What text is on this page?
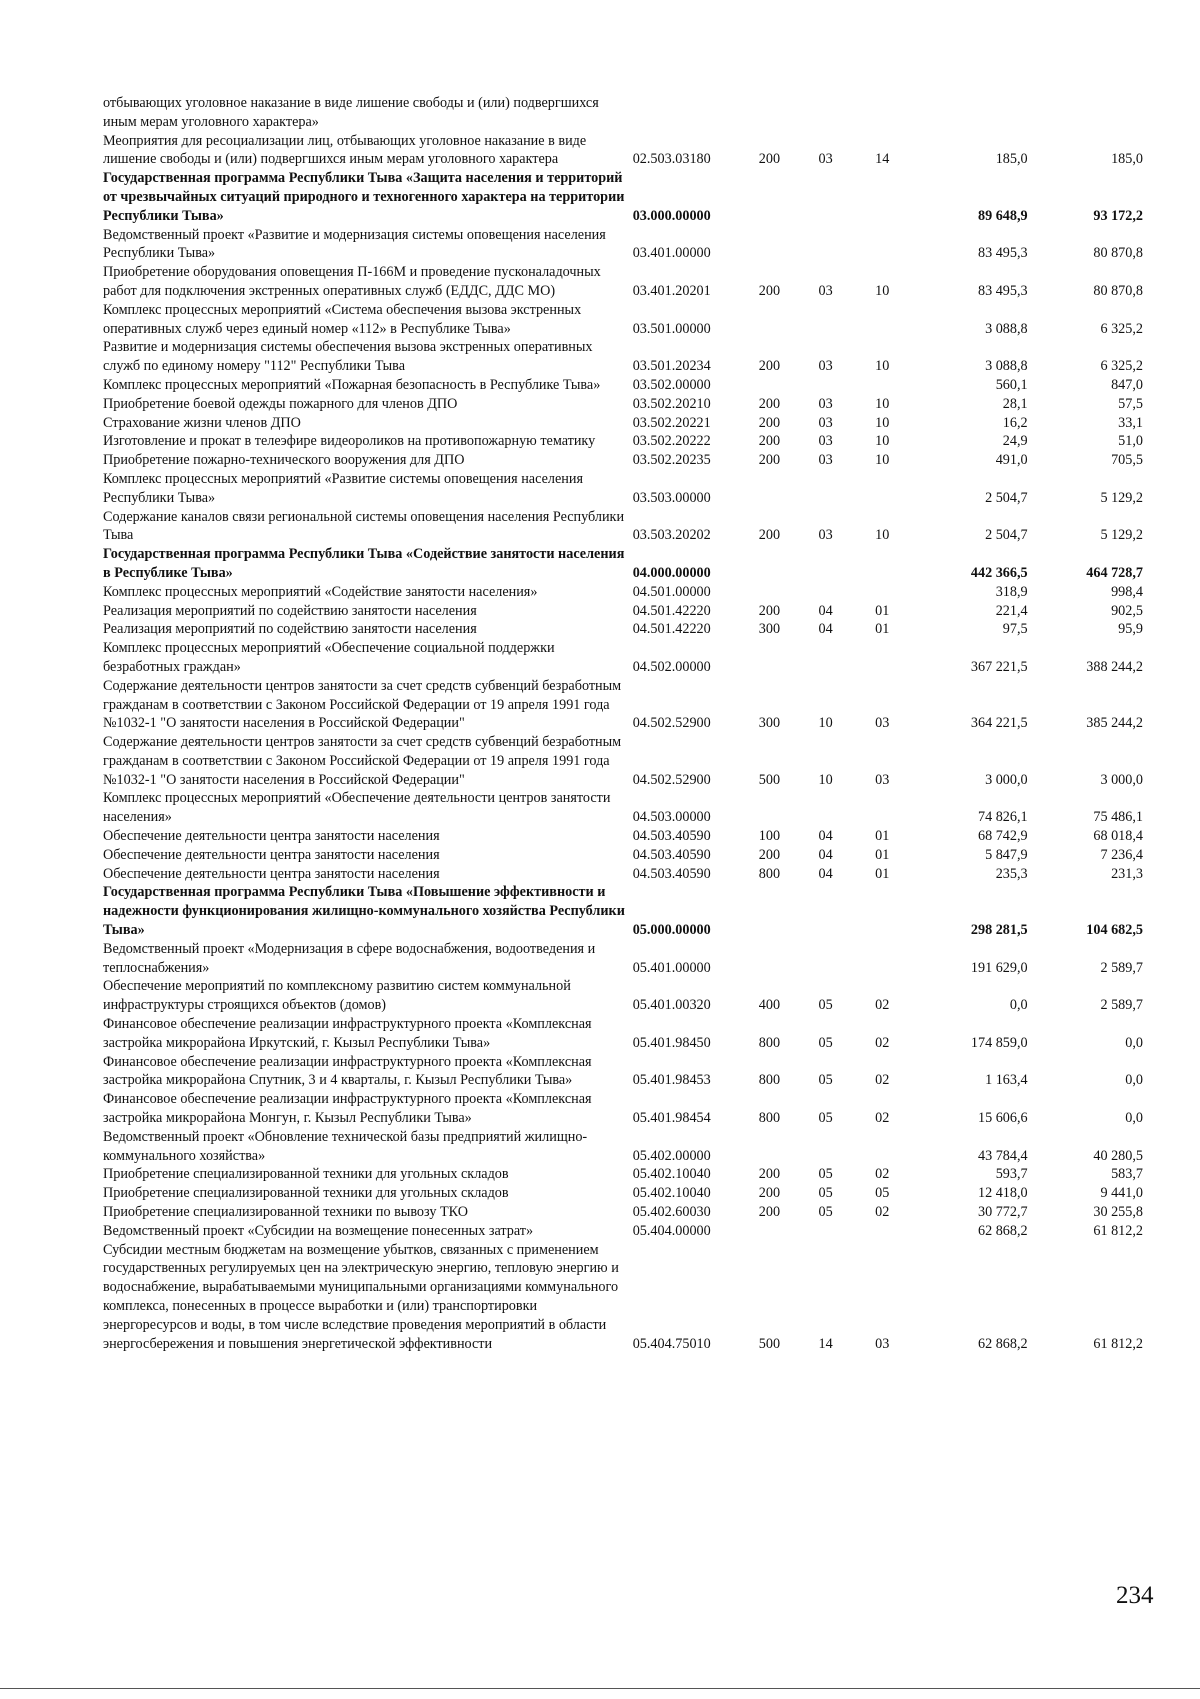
отбывающих уголовное наказание в виде лишение свободы и (или) подвергшихся иным мерам уголовного характера»						
Меоприятия для ресоциализации лиц, отбывающих уголовное наказание в виде лишение свободы и (или) подвергшихся иным мерам уголовного характера	02.503.03180	200	03	14	185,0	185,0
Государственная программа Республики Тыва «Защита населения и территорий от чрезвычайных ситуаций природного и техногенного характера на территории Республики Тыва»	03.000.00000				89 648,9	93 172,2
Ведомственный проект «Развитие и модернизация системы оповещения населения Республики Тыва»	03.401.00000				83 495,3	80 870,8
Приобретение оборудования оповещения П-166М и проведение пусконаладочных работ для подключения экстренных оперативных служб (ЕДДС, ДДС МО)	03.401.20201	200	03	10	83 495,3	80 870,8
Комплекс процессных мероприятий «Система обеспечения вызова экстренных оперативных служб через единый номер «112» в Республике Тыва»	03.501.00000				3 088,8	6 325,2
Развитие и модернизация системы обеспечения вызова экстренных оперативных служб по единому номеру "112" Республики Тыва	03.501.20234	200	03	10	3 088,8	6 325,2
Комплекс процессных мероприятий «Пожарная безопасность в Республике Тыва»	03.502.00000				560,1	847,0
Приобретение боевой одежды пожарного для членов ДПО	03.502.20210	200	03	10	28,1	57,5
Страхование жизни членов ДПО	03.502.20221	200	03	10	16,2	33,1
Изготовление и прокат в телеэфире видеороликов на противопожарную тематику	03.502.20222	200	03	10	24,9	51,0
Приобретение пожарно-технического вооружения для ДПО	03.502.20235	200	03	10	491,0	705,5
Комплекс процессных мероприятий «Развитие системы оповещения населения Республики Тыва»	03.503.00000				2 504,7	5 129,2
Содержание каналов связи региональной системы оповещения населения Республики Тыва	03.503.20202	200	03	10	2 504,7	5 129,2
Государственная программа Республики Тыва «Содействие занятости населения в Республике Тыва»	04.000.00000				442 366,5	464 728,7
Комплекс процессных мероприятий «Содействие занятости населения»	04.501.00000				318,9	998,4
Реализация мероприятий по содействию занятости населения	04.501.42220	200	04	01	221,4	902,5
Реализация мероприятий по содействию занятости населения	04.501.42220	300	04	01	97,5	95,9
Комплекс процессных мероприятий «Обеспечение социальной поддержки безработных граждан»	04.502.00000				367 221,5	388 244,2
Содержание деятельности центров занятости за счет средств субвенций безработным гражданам в соответствии с Законом Российской Федерации от 19 апреля 1991 года №1032-1 "О занятости населения в Российской Федерации"	04.502.52900	300	10	03	364 221,5	385 244,2
Содержание деятельности центров занятости за счет средств субвенций безработным гражданам в соответствии с Законом Российской Федерации от 19 апреля 1991 года №1032-1 "О занятости населения в Российской Федерации"	04.502.52900	500	10	03	3 000,0	3 000,0
Комплекс процессных мероприятий «Обеспечение деятельности центров занятости населения»	04.503.00000				74 826,1	75 486,1
Обеспечение деятельности центра занятости населения	04.503.40590	100	04	01	68 742,9	68 018,4
Обеспечение деятельности центра занятости населения	04.503.40590	200	04	01	5 847,9	7 236,4
Обеспечение деятельности центра занятости населения	04.503.40590	800	04	01	235,3	231,3
Государственная программа Республики Тыва «Повышение эффективности и надежности функционирования жилищно-коммунального хозяйства Республики Тыва»	05.000.00000				298 281,5	104 682,5
Ведомственный проект «Модернизация в сфере водоснабжения, водоотведения и теплоснабжения»	05.401.00000				191 629,0	2 589,7
Обеспечение мероприятий по комплексному развитию систем коммунальной инфраструктуры строящихся объектов (домов)	05.401.00320	400	05	02	0,0	2 589,7
Финансовое обеспечение реализации инфраструктурного проекта «Комплексная застройка микрорайона Иркутский, г. Кызыл Республики Тыва»	05.401.98450	800	05	02	174 859,0	0,0
Финансовое обеспечение реализации инфраструктурного проекта «Комплексная застройка микрорайона Спутник, 3 и 4 кварталы, г. Кызыл Республики Тыва»	05.401.98453	800	05	02	1 163,4	0,0
Финансовое обеспечение реализации инфраструктурного проекта «Комплексная застройка микрорайона Монгун, г. Кызыл Республики Тыва»	05.401.98454	800	05	02	15 606,6	0,0
Ведомственный проект «Обновление технической базы предприятий жилищно-коммунального хозяйства»	05.402.00000				43 784,4	40 280,5
Приобретение специализированной техники для угольных складов	05.402.10040	200	05	02	593,7	583,7
Приобретение специализированной техники для угольных складов	05.402.10040	200	05	05	12 418,0	9 441,0
Приобретение специализированной техники по вывозу ТКО	05.402.60030	200	05	02	30 772,7	30 255,8
Ведомственный проект «Субсидии на возмещение понесенных затрат»	05.404.00000				62 868,2	61 812,2
Субсидии местным бюджетам на возмещение убытков, связанных с применением государственных регулируемых цен на электрическую энергию, тепловую энергию и водоснабжение, вырабатываемыми муниципальными организациями коммунального комплекса, понесенных в процессе выработки и (или) транспортировки энергоресурсов и воды, в том числе вследствие проведения мероприятий в области энергосбережения и повышения энергетической эффективности	05.404.75010	500	14	03	62 868,2	61 812,2
234
